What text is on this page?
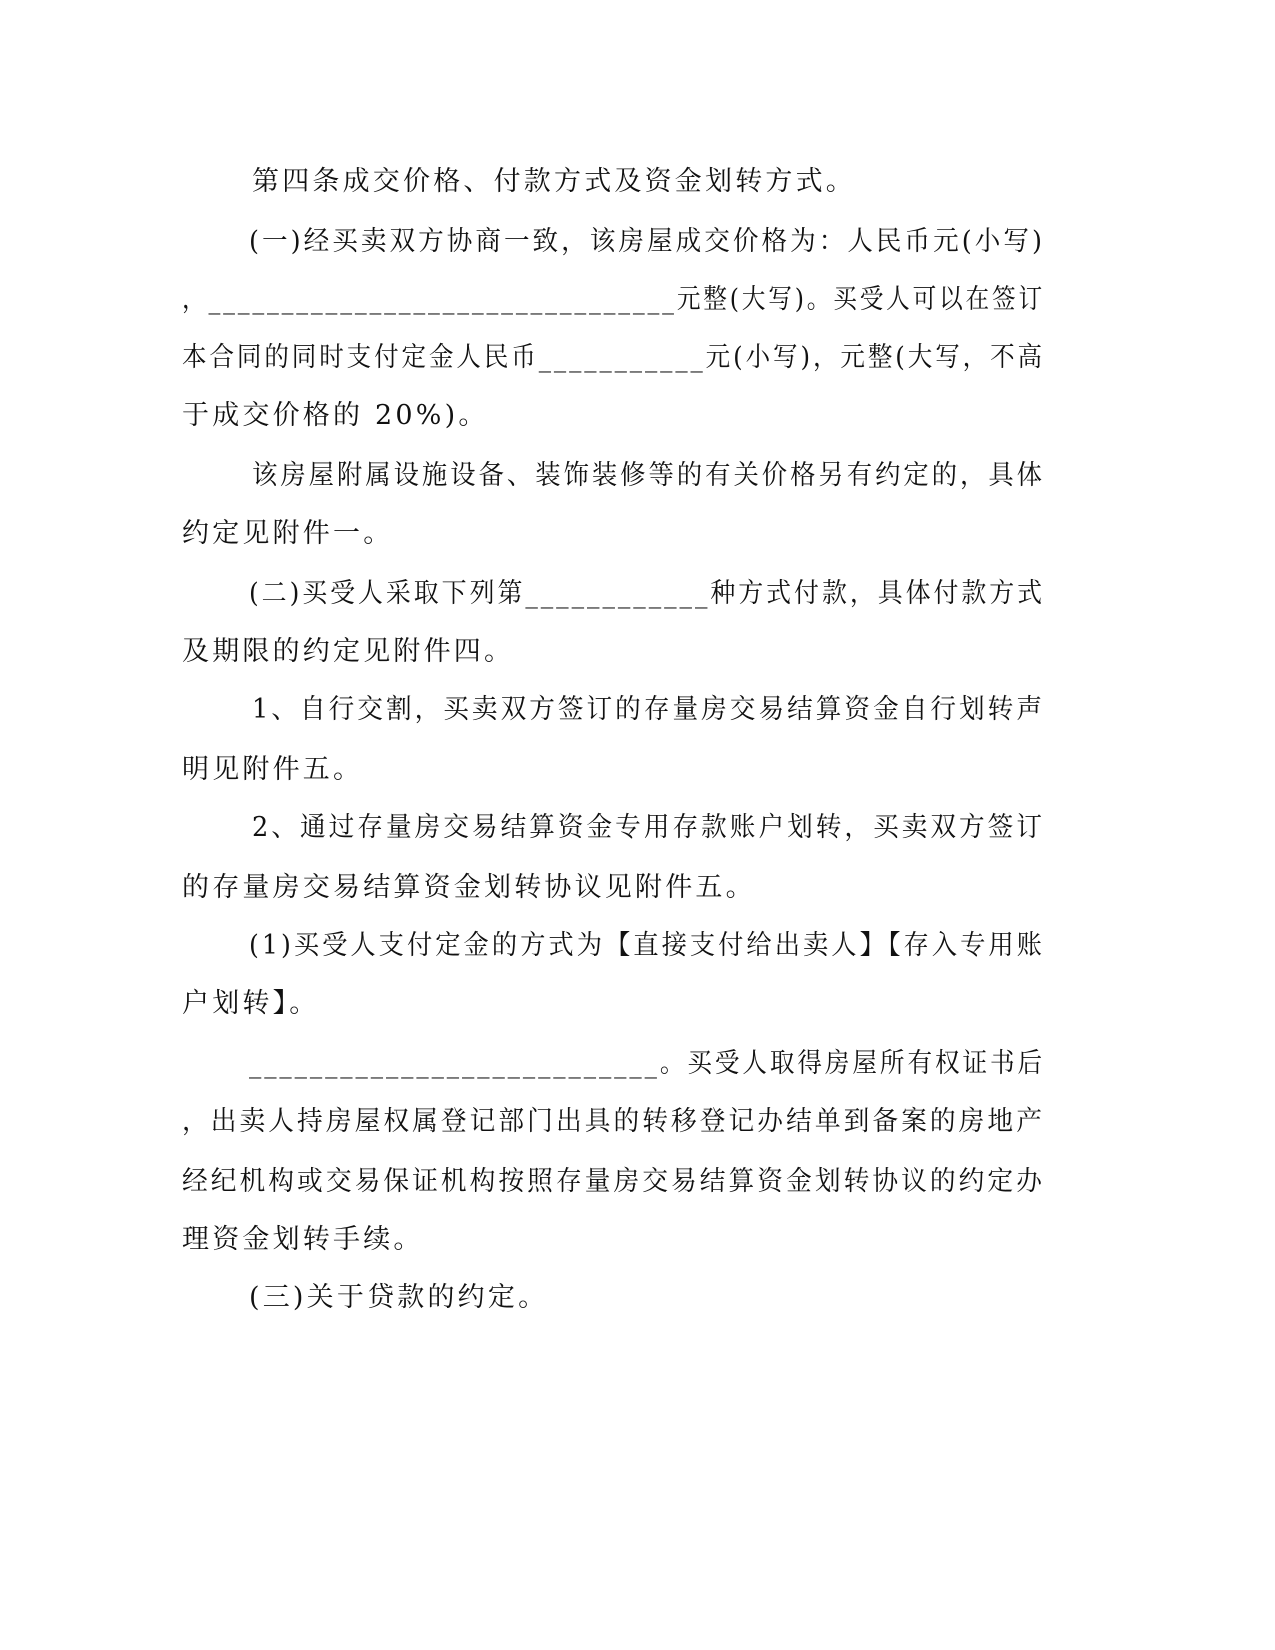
第四条成交价格、付款方式及资金划转方式。
(一)经买卖双方协商一致，该房屋成交价格为：人民币元(小写)
，________________________________元整(大写)。买受人可以在签订
本合同的同时支付定金人民币___________元(小写)，元整(大写，不高
于成交价格的 20%)。
该房屋附属设施设备、装饰装修等的有关价格另有约定的，具体
约定见附件一。
(二)买受人采取下列第____________种方式付款，具体付款方式
及期限的约定见附件四。
1、自行交割，买卖双方签订的存量房交易结算资金自行划转声
明见附件五。
2、通过存量房交易结算资金专用存款账户划转，买卖双方签订
的存量房交易结算资金划转协议见附件五。
(1)买受人支付定金的方式为【直接支付给出卖人】【存入专用账
户划转】。
___________________________。买受人取得房屋所有权证书后
，出卖人持房屋权属登记部门出具的转移登记办结单到备案的房地产
经纪机构或交易保证机构按照存量房交易结算资金划转协议的约定办
理资金划转手续。
(三)关于贷款的约定。
